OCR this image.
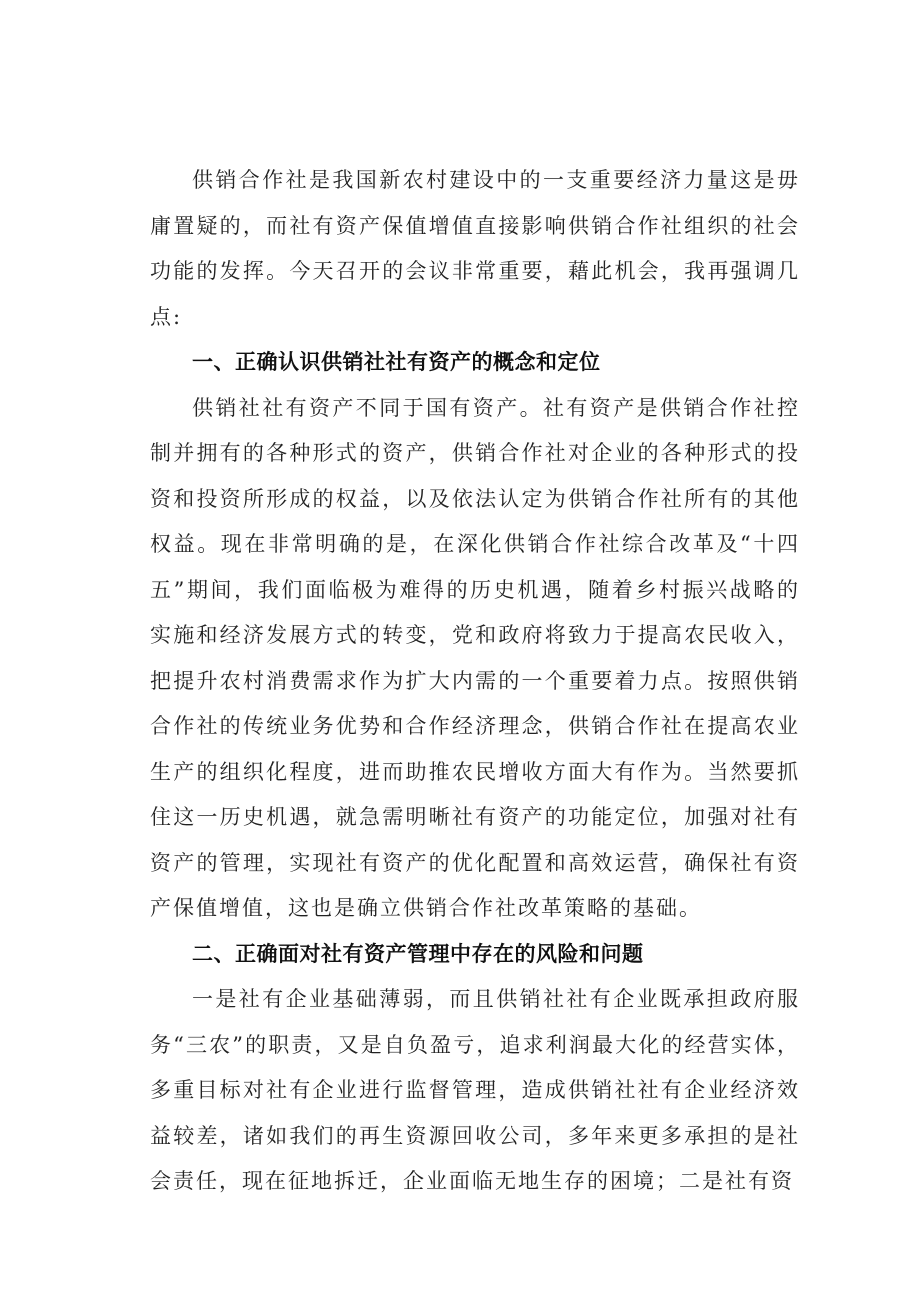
供销合作社是我国新农村建设中的一支重要经济力量这是毋庸置疑的，而社有资产保值增值直接影响供销合作社组织的社会功能的发挥。今天召开的会议非常重要，藉此机会，我再强调几点:

一、正确认识供销社社有资产的概念和定位

供销社社有资产不同于国有资产。社有资产是供销合作社控制并拥有的各种形式的资产，供销合作社对企业的各种形式的投资和投资所形成的权益，以及依法认定为供销合作社所有的其他权益。现在非常明确的是，在深化供销合作社综合改革及“十四五”期间，我们面临极为难得的历史机遇，随着乡村振兴战略的实施和经济发展方式的转变，党和政府将致力于提高农民收入，把提升农村消费需求作为扩大内需的一个重要着力点。按照供销合作社的传统业务优势和合作经济理念，供销合作社在提高农业生产的组织化程度，进而助推农民增收方面大有作为。当然要抓住这一历史机遇，就急需明晰社有资产的功能定位，加强对社有资产的管理，实现社有资产的优化配置和高效运营，确保社有资产保值增值，这也是确立供销合作社改革策略的基础。

二、正确面对社有资产管理中存在的风险和问题

一是社有企业基础薄弱，而且供销社社有企业既承担政府服务“三农”的职责，又是自负盈亏，追求利润最大化的经营实体，多重目标对社有企业进行监督管理，造成供销社社有企业经济效益较差，诸如我们的再生资源回收公司，多年来更多承担的是社会责任，现在征地拆迁，企业面临无地生存的困境；二是社有资
